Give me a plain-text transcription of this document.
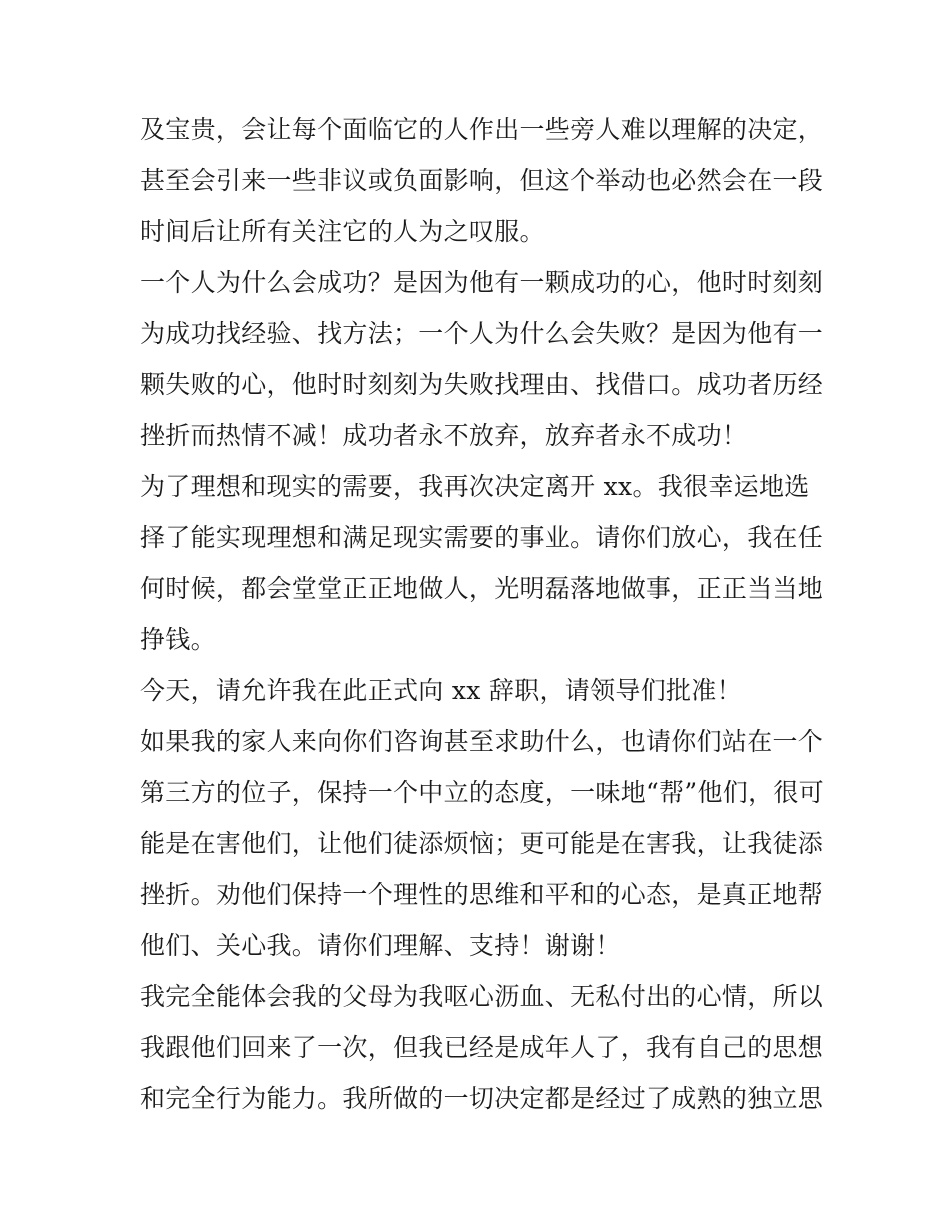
及宝贵，会让每个面临它的人作出一些旁人难以理解的决定，
甚至会引来一些非议或负面影响，但这个举动也必然会在一段
时间后让所有关注它的人为之叹服。
一个人为什么会成功？是因为他有一颗成功的心，他时时刻刻
为成功找经验、找方法；一个人为什么会失败？是因为他有一
颗失败的心，他时时刻刻为失败找理由、找借口。成功者历经
挫折而热情不减！成功者永不放弃，放弃者永不成功！
为了理想和现实的需要，我再次决定离开 xx。我很幸运地选
择了能实现理想和满足现实需要的事业。请你们放心，我在任
何时候，都会堂堂正正地做人，光明磊落地做事，正正当当地
挣钱。
今天，请允许我在此正式向 xx 辞职，请领导们批准！
如果我的家人来向你们咨询甚至求助什么，也请你们站在一个
第三方的位子，保持一个中立的态度，一味地“帮”他们，很可
能是在害他们，让他们徒添烦恼；更可能是在害我，让我徒添
挫折。劝他们保持一个理性的思维和平和的心态，是真正地帮
他们、关心我。请你们理解、支持！谢谢！
我完全能体会我的父母为我呕心沥血、无私付出的心情，所以
我跟他们回来了一次，但我已经是成年人了，我有自己的思想
和完全行为能力。我所做的一切决定都是经过了成熟的独立思
